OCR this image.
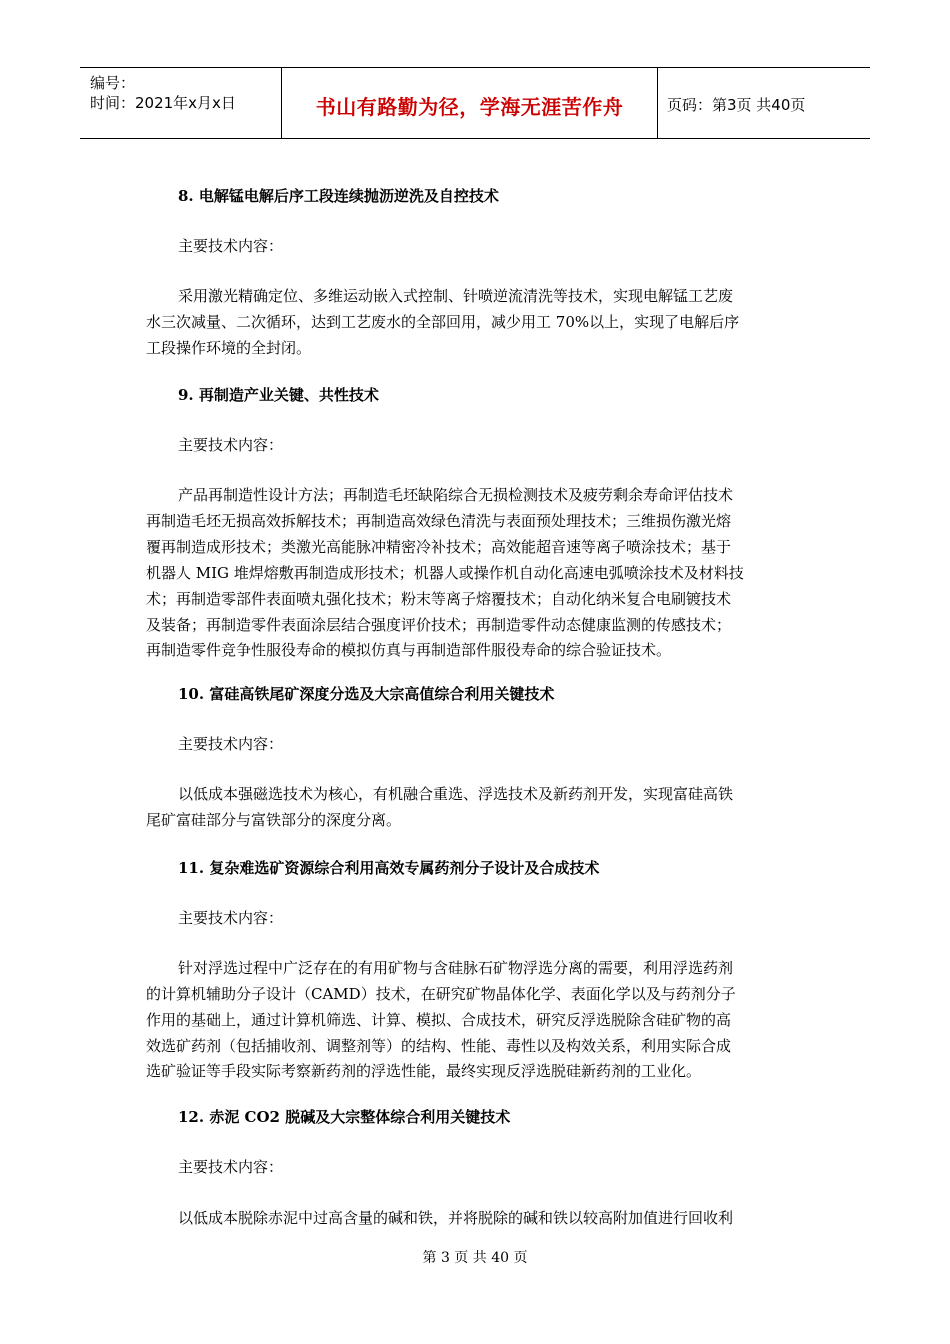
编号：
时间：2021年x月x日	书山有路勤为径，学海无涯苦作舟	页码：第3页 共40页
8. 电解锰电解后序工段连续抛沥逆洗及自控技术
主要技术内容：
采用激光精确定位、多维运动嵌入式控制、针喷逆流清洗等技术，实现电解锰工艺废
水三次减量、二次循环，达到工艺废水的全部回用，减少用工 70%以上，实现了电解后序
工段操作环境的全封闭。
9. 再制造产业关键、共性技术
主要技术内容：
产品再制造性设计方法；再制造毛坯缺陷综合无损检测技术及疲劳剩余寿命评估技术
再制造毛坯无损高效拆解技术；再制造高效绿色清洗与表面预处理技术；三维损伤激光熔
覆再制造成形技术；类激光高能脉冲精密冷补技术；高效能超音速等离子喷涂技术；基于
机器人 MIG 堆焊熔敷再制造成形技术；机器人或操作机自动化高速电弧喷涂技术及材料技
术；再制造零部件表面喷丸强化技术；粉末等离子熔覆技术；自动化纳米复合电刷镀技术
及装备；再制造零件表面涂层结合强度评价技术；再制造零件动态健康监测的传感技术；
再制造零件竞争性服役寿命的模拟仿真与再制造部件服役寿命的综合验证技术。
10. 富硅高铁尾矿深度分选及大宗高值综合利用关键技术
主要技术内容：
以低成本强磁选技术为核心，有机融合重选、浮选技术及新药剂开发，实现富硅高铁
尾矿富硅部分与富铁部分的深度分离。
11. 复杂难选矿资源综合利用高效专属药剂分子设计及合成技术
主要技术内容：
针对浮选过程中广泛存在的有用矿物与含硅脉石矿物浮选分离的需要，利用浮选药剂
的计算机辅助分子设计（CAMD）技术，在研究矿物晶体化学、表面化学以及与药剂分子
作用的基础上，通过计算机筛选、计算、模拟、合成技术，研究反浮选脱除含硅矿物的高
效选矿药剂（包括捕收剂、调整剂等）的结构、性能、毒性以及构效关系，利用实际合成
选矿验证等手段实际考察新药剂的浮选性能，最终实现反浮选脱硅新药剂的工业化。
12. 赤泥 CO2 脱碱及大宗整体综合利用关键技术
主要技术内容：
以低成本脱除赤泥中过高含量的碱和铁，并将脱除的碱和铁以较高附加值进行回收利
第 3 页 共 40 页
